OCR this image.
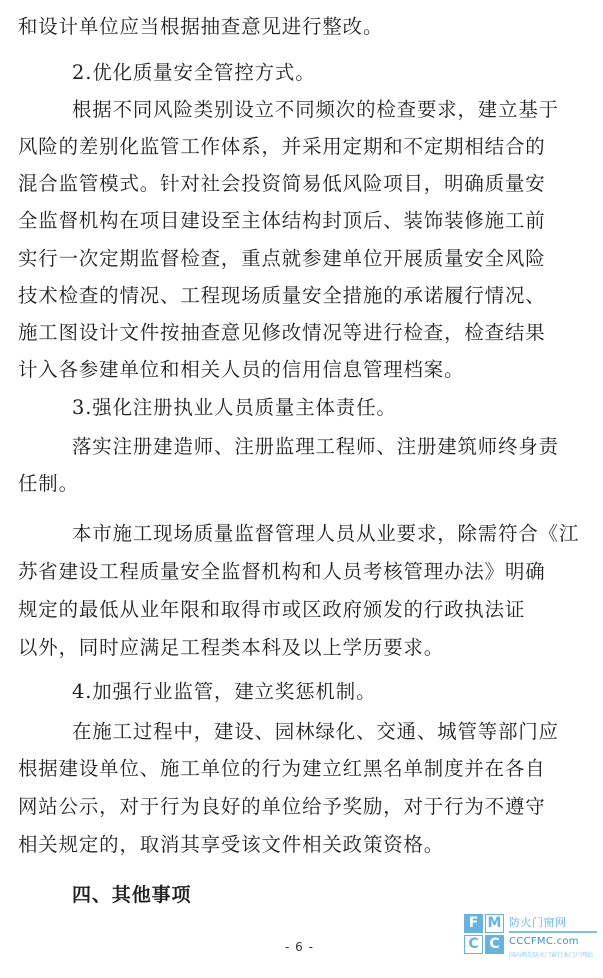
和设计单位应当根据抽查意见进行整改。
2.优化质量安全管控方式。
根据不同风险类别设立不同频次的检查要求，建立基于
风险的差别化监管工作体系，并采用定期和不定期相结合的
混合监管模式。针对社会投资简易低风险项目，明确质量安
全监督机构在项目建设至主体结构封顶后、装饰装修施工前
实行一次定期监督检查，重点就参建单位开展质量安全风险
技术检查的情况、工程现场质量安全措施的承诺履行情况、
施工图设计文件按抽查意见修改情况等进行检查，检查结果
计入各参建单位和相关人员的信用信息管理档案。
3.强化注册执业人员质量主体责任。
落实注册建造师、注册监理工程师、注册建筑师终身责
任制。
本市施工现场质量监督管理人员从业要求，除需符合《江
苏省建设工程质量安全监督机构和人员考核管理办法》明确
规定的最低从业年限和取得市或区政府颁发的行政执法证
以外，同时应满足工程类本科及以上学历要求。
4.加强行业监管，建立奖惩机制。
在施工过程中，建设、园林绿化、交通、城管等部门应
根据建设单位、施工单位的行为建立红黑名单制度并在各自
网站公示，对于行为良好的单位给予奖励，对于行为不遵守
相关规定的，取消其享受该文件相关政策资格。
四、其他事项
- 6 -
F M
C C
防火门窗网
CCCFMC.com
国内领先防火门窗行业门户网站
